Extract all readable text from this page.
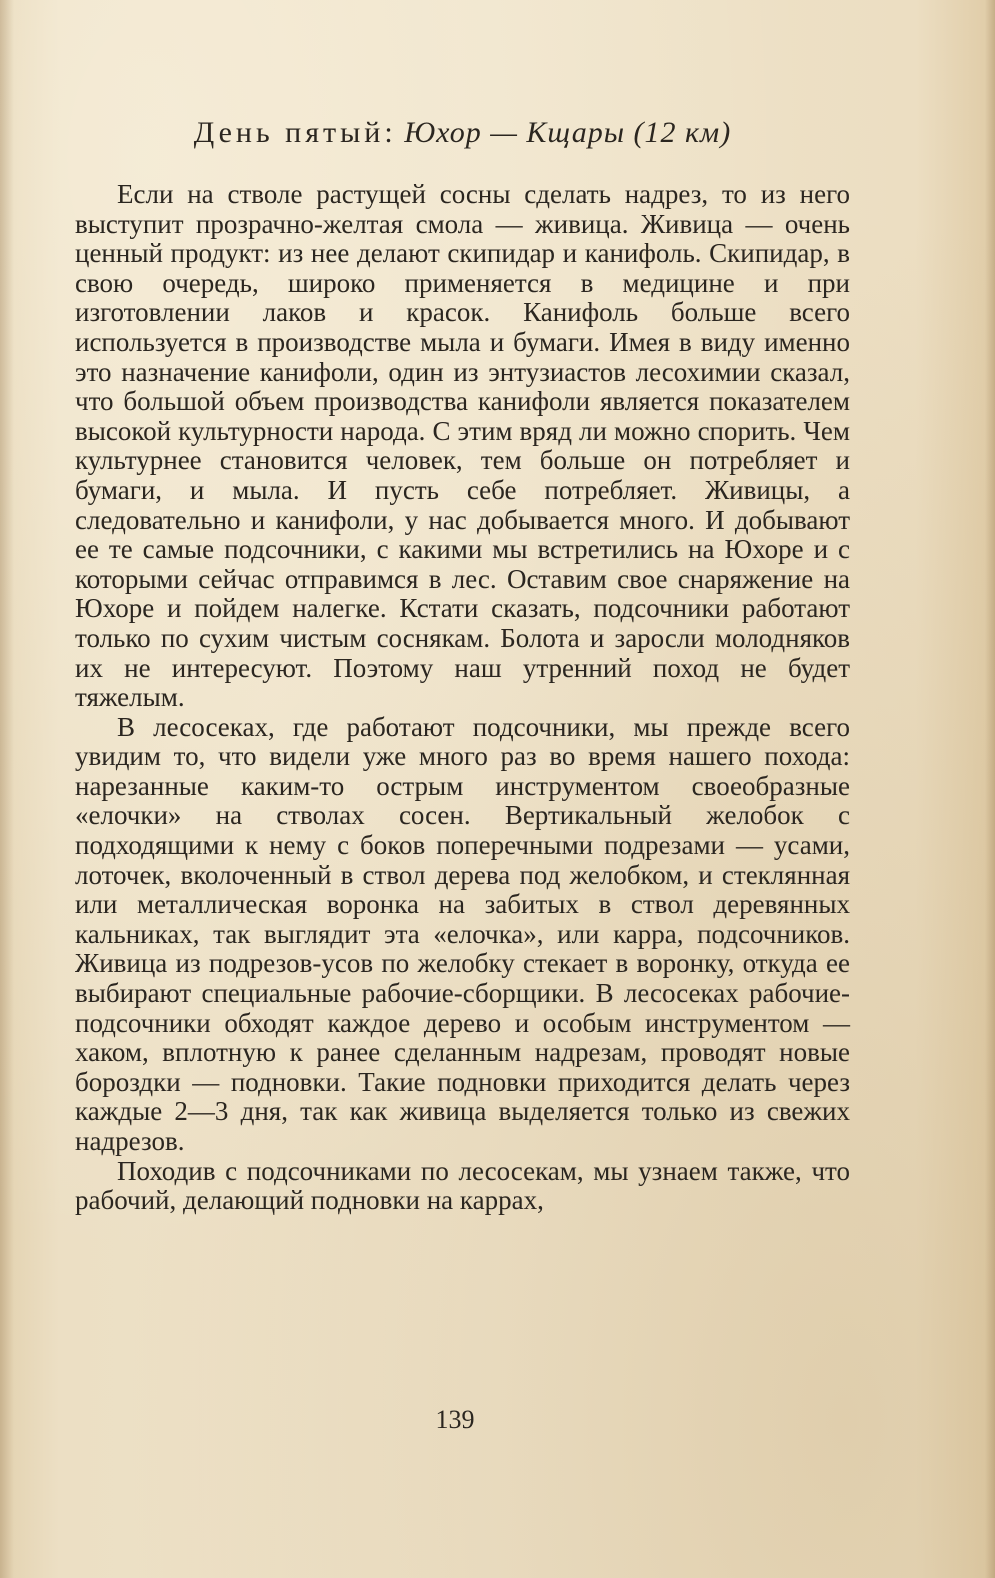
День пятый: Юхор — Кщары (12 км)

Если на стволе растущей сосны сделать надрез, то из него выступит прозрачно-желтая смола — живица. Живица — очень ценный продукт: из нее делают скипидар и канифоль. Скипидар, в свою очередь, широко применяется в медицине и при изготовлении лаков и красок. Канифоль больше всего используется в производстве мыла и бумаги. Имея в виду именно это назначение канифоли, один из энтузиастов лесохимии сказал, что большой объем производства канифоли является показателем высокой культурности народа. С этим вряд ли можно спорить. Чем культурнее становится человек, тем больше он потребляет и бумаги, и мыла. И пусть себе потребляет. Живицы, а следовательно и канифоли, у нас добывается много. И добывают ее те самые подсочники, с какими мы встретились на Юхоре и с которыми сейчас отправимся в лес. Оставим свое снаряжение на Юхоре и пойдем налегке. Кстати сказать, подсочники работают только по сухим чистым соснякам. Болота и заросли молодняков их не интересуют. Поэтому наш утренний поход не будет тяжелым.

В лесосеках, где работают подсочники, мы прежде всего увидим то, что видели уже много раз во время нашего похода: нарезанные каким-то острым инструментом своеобразные «елочки» на стволах сосен. Вертикальный желобок с подходящими к нему с боков поперечными подрезами — усами, лоточек, вколоченный в ствол дерева под желобком, и стеклянная или металлическая воронка на забитых в ствол деревянных кальниках, так выглядит эта «елочка», или карра, подсочников. Живица из подрезов-усов по желобку стекает в воронку, откуда ее выбирают специальные рабочие-сборщики. В лесосеках рабочие-подсочники обходят каждое дерево и особым инструментом — хаком, вплотную к ранее сделанным надрезам, проводят новые бороздки — подновки. Такие подновки приходится делать через каждые 2—3 дня, так как живица выделяется только из свежих надрезов.

Походив с подсочниками по лесосекам, мы узнаем также, что рабочий, делающий подновки на каррах,

139
